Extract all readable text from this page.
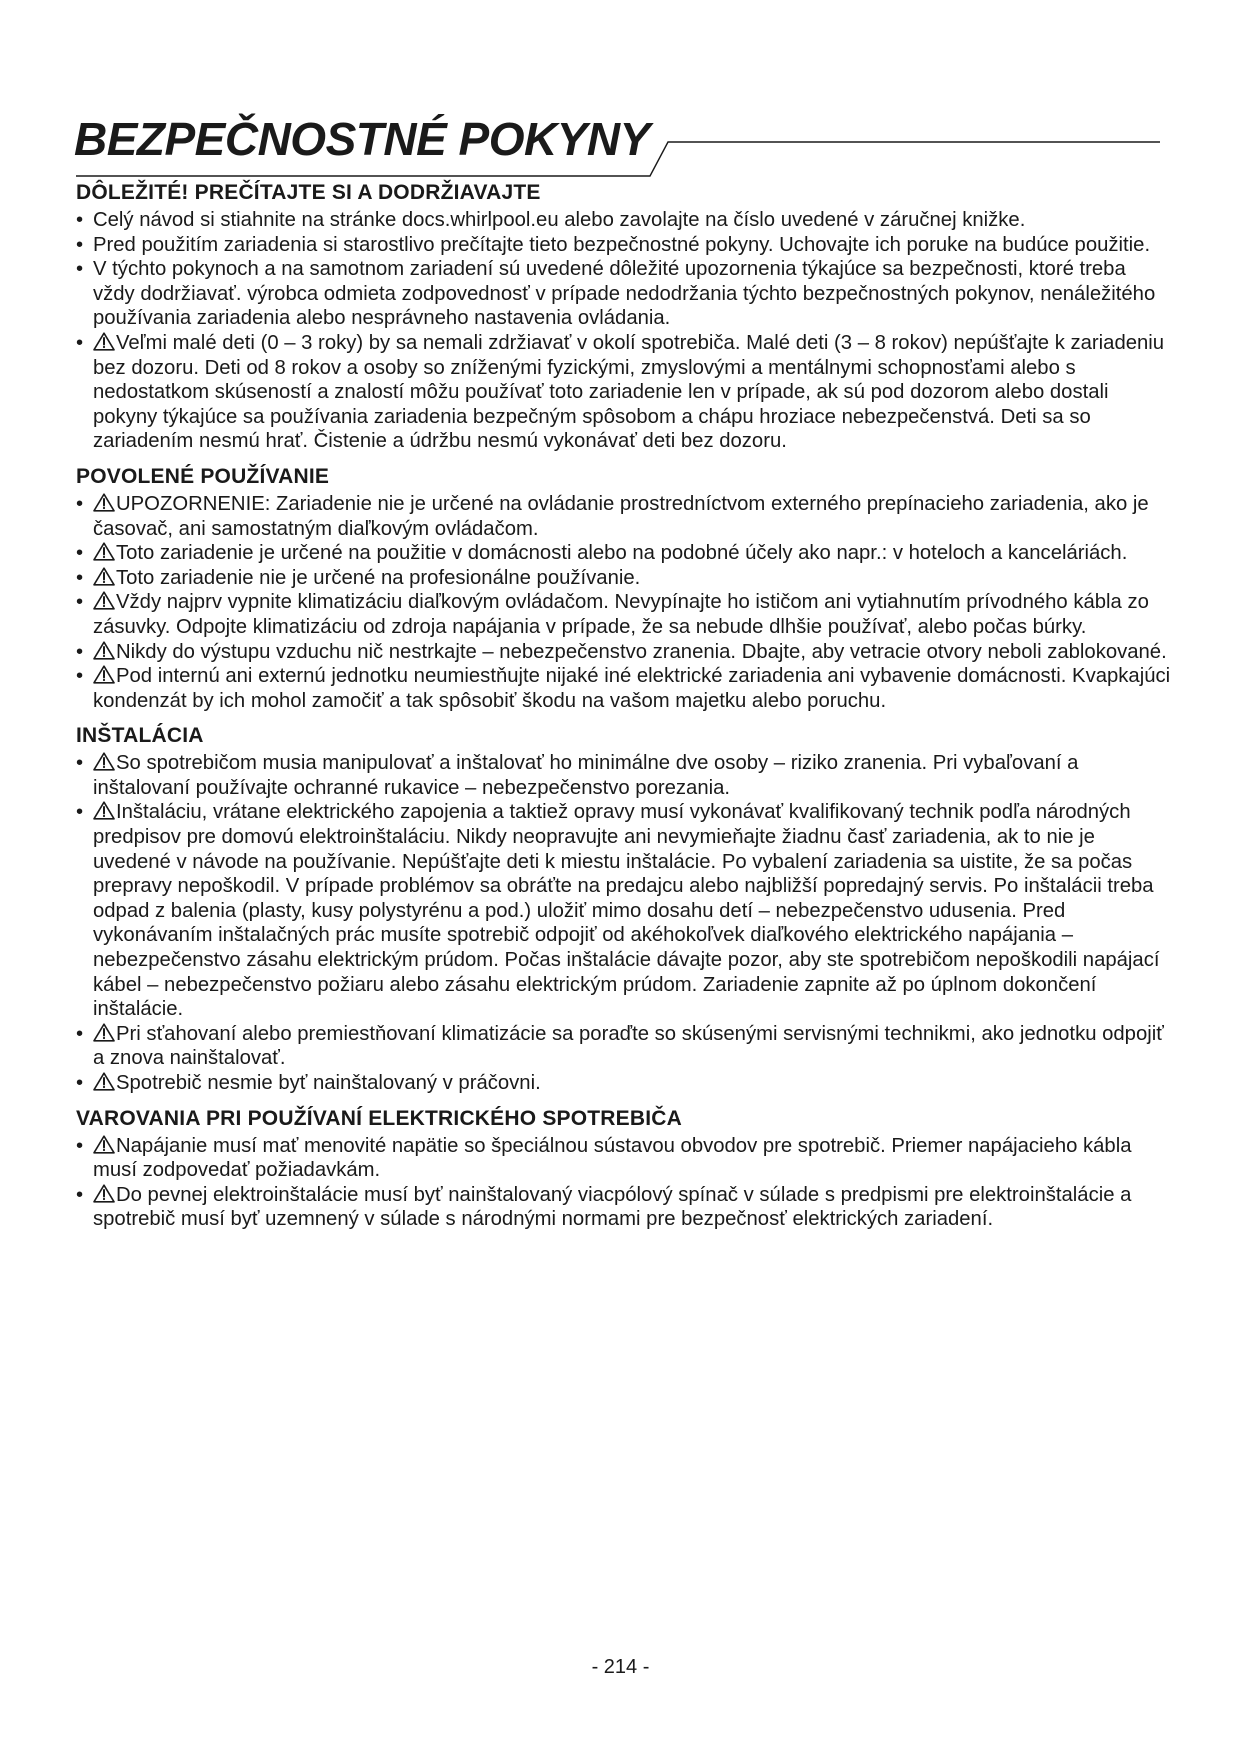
BEZPEČNOSTNÉ POKYNY
DÔLEŽITÉ! PREČÍTAJTE SI A DODRŽIAVAJTE
• Celý návod si stiahnite na stránke docs.whirlpool.eu alebo zavolajte na číslo uvedené v záručnej knižke.
• Pred použitím zariadenia si starostlivo prečítajte tieto bezpečnostné pokyny. Uchovajte ich poruke na budúce použitie.
• V týchto pokynoch a na samotnom zariadení sú uvedené dôležité upozornenia týkajúce sa bezpečnosti, ktoré treba vždy dodržiavať. výrobca odmieta zodpovednosť v prípade nedodržania týchto bezpečnostných pokynov, nenáležitého používania zariadenia alebo nesprávneho nastavenia ovládania.
• Veľmi malé deti (0 – 3 roky) by sa nemali zdržiavať v okolí spotrebiča. Malé deti (3 – 8 rokov) nepúšťajte k zariadeniu bez dozoru. Deti od 8 rokov a osoby so zníženými fyzickými, zmyslovými a mentálnymi schopnosťami alebo s nedostatkom skúseností a znalostí môžu používať toto zariadenie len v prípade, ak sú pod dozorom alebo dostali pokyny týkajúce sa používania zariadenia bezpečným spôsobom a chápu hroziace nebezpečenstvá. Deti sa so zariadením nesmú hrať. Čistenie a údržbu nesmú vykonávať deti bez dozoru.
POVOLENÉ POUŽÍVANIE
• UPOZORNENIE: Zariadenie nie je určené na ovládanie prostredníctvom externého prepínacieho zariadenia, ako je časovač, ani samostatným diaľkovým ovládačom.
• Toto zariadenie je určené na použitie v domácnosti alebo na podobné účely ako napr.: v hoteloch a kanceláriách.
• Toto zariadenie nie je určené na profesionálne používanie.
• Vždy najprv vypnite klimatizáciu diaľkovým ovládačom. Nevypínajte ho ističom ani vytiahnutím prívodného kábla zo zásuvky. Odpojte klimatizáciu od zdroja napájania v prípade, že sa nebude dlhšie používať, alebo počas búrky.
• Nikdy do výstupu vzduchu nič nestrkajte – nebezpečenstvo zranenia. Dbajte, aby vetracie otvory neboli zablokované.
• Pod internú ani externú jednotku neumiestňujte nijaké iné elektrické zariadenia ani vybavenie domácnosti. Kvapkajúci kondenzát by ich mohol zamočiť a tak spôsobiť škodu na vašom majetku alebo poruchu.
INŠTALÁCIA
• So spotrebičom musia manipulovať a inštalovať ho minimálne dve osoby – riziko zranenia. Pri vybaľovaní a inštalovaní používajte ochranné rukavice – nebezpečenstvo porezania.
• Inštaláciu, vrátane elektrického zapojenia a taktiež opravy musí vykonávať kvalifikovaný technik podľa národných predpisov pre domovú elektroinštaláciu. Nikdy neopravujte ani nevymieňajte žiadnu časť zariadenia, ak to nie je uvedené v návode na používanie. Nepúšťajte deti k miestu inštalácie. Po vybalení zariadenia sa uistite, že sa počas prepravy nepoškodil. V prípade problémov sa obráťte na predajcu alebo najbližší popredajný servis. Po inštalácii treba odpad z balenia (plasty, kusy polystyrénu a pod.) uložiť mimo dosahu detí – nebezpečenstvo udusenia. Pred vykonávaním inštalačných prác musíte spotrebič odpojiť od akéhokoľvek diaľkového elektrického napájania – nebezpečenstvo zásahu elektrickým prúdom. Počas inštalácie dávajte pozor, aby ste spotrebičom nepoškodili napájací kábel – nebezpečenstvo požiaru alebo zásahu elektrickým prúdom. Zariadenie zapnite až po úplnom dokončení inštalácie.
• Pri sťahovaní alebo premiestňovaní klimatizácie sa poraďte so skúsenými servisnými technikmi, ako jednotku odpojiť a znova nainštalovať.
• Spotrebič nesmie byť nainštalovaný v práčovni.
VAROVANIA PRI POUŽÍVANÍ ELEKTRICKÉHO SPOTREBIČA
• Napájanie musí mať menovité napätie so špeciálnou sústavou obvodov pre spotrebič. Priemer napájacieho kábla musí zodpovedať požiadavkám.
• Do pevnej elektroinštalácie musí byť nainštalovaný viacpólový spínač v súlade s predpismi pre elektroinštalácie a spotrebič musí byť uzemnený v súlade s národnými normami pre bezpečnosť elektrických zariadení.
- 214 -
